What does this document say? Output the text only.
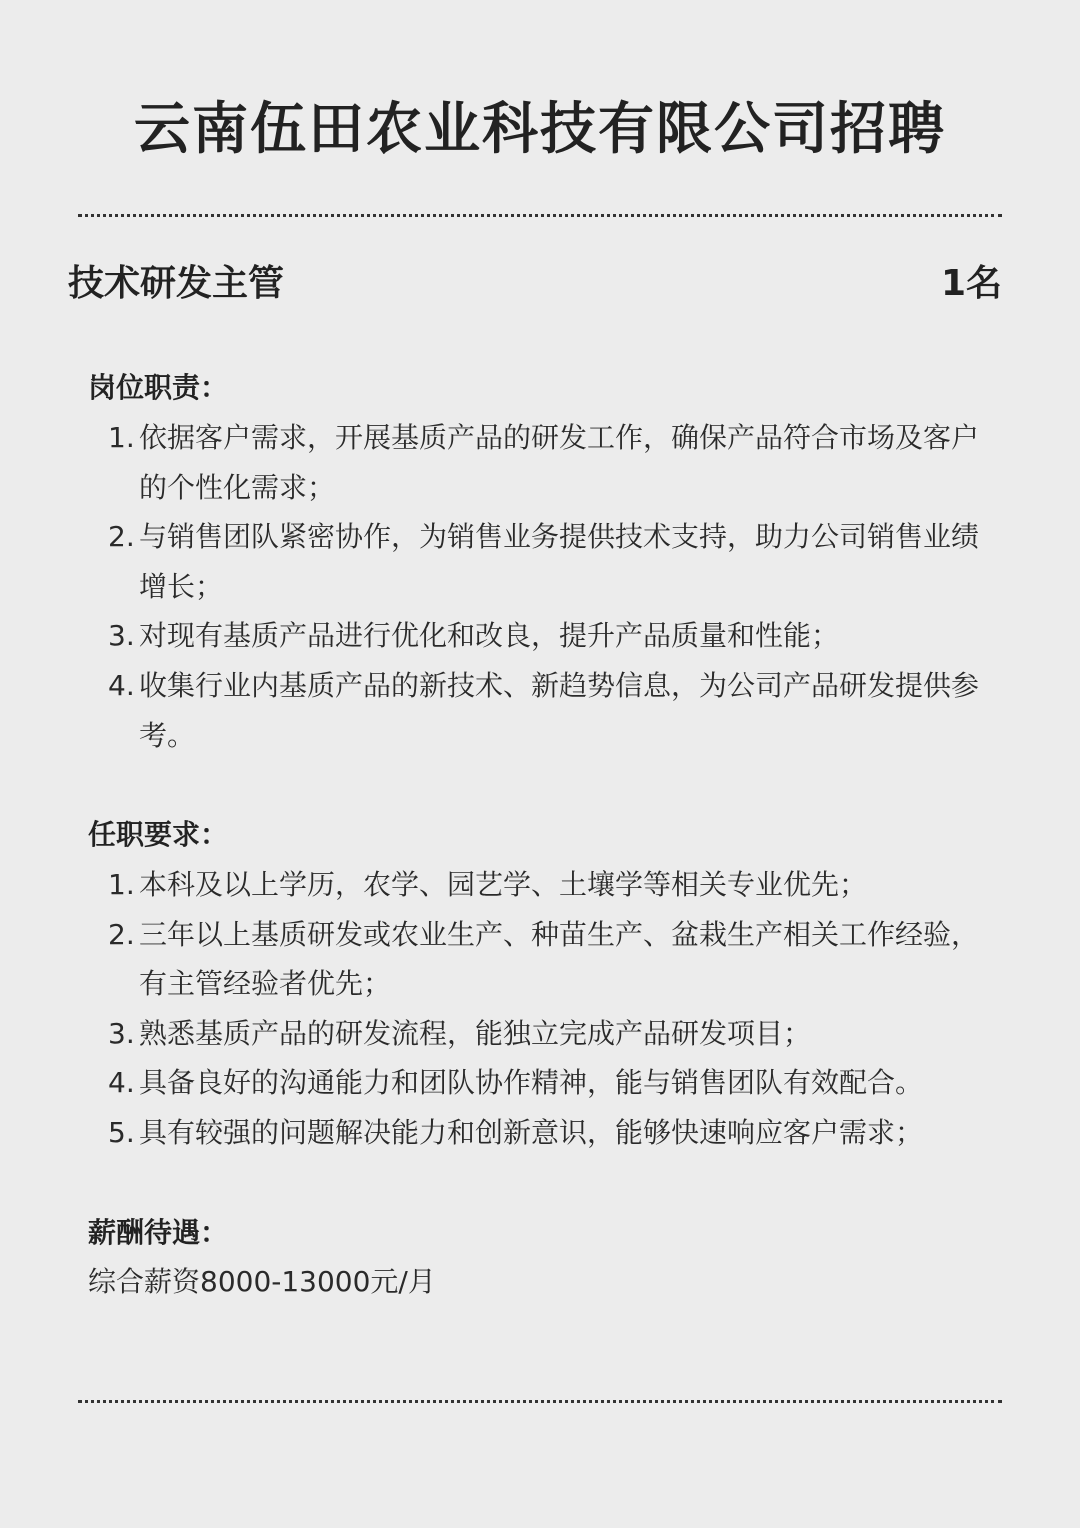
云南伍田农业科技有限公司招聘
技术研发主管	1名
岗位职责：
1. 依据客户需求，开展基质产品的研发工作，确保产品符合市场及客户的个性化需求；
2. 与销售团队紧密协作，为销售业务提供技术支持，助力公司销售业绩增长；
3. 对现有基质产品进行优化和改良，提升产品质量和性能；
4. 收集行业内基质产品的新技术、新趋势信息，为公司产品研发提供参考。
任职要求：
1. 本科及以上学历，农学、园艺学、土壤学等相关专业优先；
2. 三年以上基质研发或农业生产、种苗生产、盆栽生产相关工作经验，有主管经验者优先；
3. 熟悉基质产品的研发流程，能独立完成产品研发项目；
4. 具备良好的沟通能力和团队协作精神，能与销售团队有效配合。
5. 具有较强的问题解决能力和创新意识，能够快速响应客户需求；
薪酬待遇：
综合薪资8000-13000元/月
